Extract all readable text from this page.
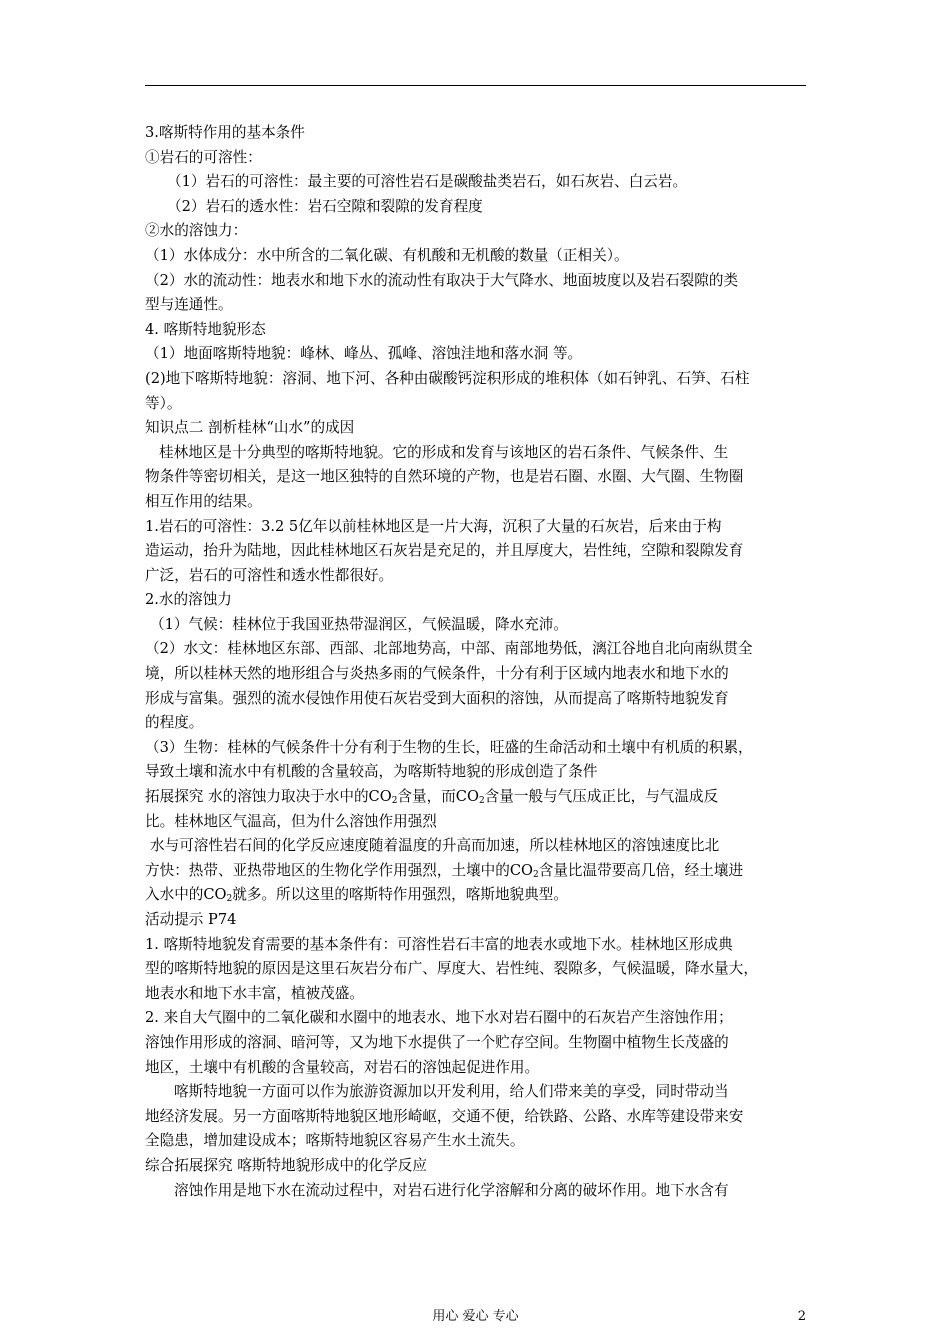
3.喀斯特作用的基本条件

①岩石的可溶性：

（1）岩石的可溶性：最主要的可溶性岩石是碳酸盐类岩石，如石灰岩、白云岩。

（2）岩石的透水性：岩石空隙和裂隙的发育程度

②水的溶蚀力：

（1）水体成分：水中所含的二氧化碳、有机酸和无机酸的数量（正相关）。

（2）水的流动性：地表水和地下水的流动性有取决于大气降水、地面坡度以及岩石裂隙的类

型与连通性。

4. 喀斯特地貌形态

（1）地面喀斯特地貌：峰林、峰丛、孤峰、溶蚀洼地和落水洞 等。

(2)地下喀斯特地貌：溶洞、地下河、各种由碳酸钙淀积形成的堆积体（如石钟乳、石笋、石柱

等）。

知识点二 剖析桂林“山水”的成因

桂林地区是十分典型的喀斯特地貌。它的形成和发育与该地区的岩石条件、气候条件、生

物条件等密切相关，是这一地区独特的自然环境的产物，也是岩石圈、水圈、大气圈、生物圈

相互作用的结果。

1.岩石的可溶性：3.2 5亿年以前桂林地区是一片大海，沉积了大量的石灰岩，后来由于构

造运动，抬升为陆地，因此桂林地区石灰岩是充足的，并且厚度大，岩性纯，空隙和裂隙发育

广泛，岩石的可溶性和透水性都很好。

2.水的溶蚀力

（1）气候：桂林位于我国亚热带湿润区，气候温暖，降水充沛。

（2）水文：桂林地区东部、西部、北部地势高，中部、南部地势低，漓江谷地自北向南纵贯全

境，所以桂林天然的地形组合与炎热多雨的气候条件，十分有利于区域内地表水和地下水的

形成与富集。强烈的流水侵蚀作用使石灰岩受到大面积的溶蚀，从而提高了喀斯特地貌发育

的程度。

（3）生物：桂林的气候条件十分有利于生物的生长，旺盛的生命活动和土壤中有机质的积累，

导致土壤和流水中有机酸的含量较高，为喀斯特地貌的形成创造了条件

拓展探究 水的溶蚀力取决于水中的$CO_2$含量，而$CO_2$含量一般与气压成正比，与气温成反

比。桂林地区气温高，但为什么溶蚀作用强烈

水与可溶性岩石间的化学反应速度随着温度的升高而加速，所以桂林地区的溶蚀速度比北

方快：热带、亚热带地区的生物化学作用强烈，土壤中的$CO_2$含量比温带要高几倍，经土壤进

入水中的$CO_2$就多。所以这里的喀斯特作用强烈，喀斯地貌典型。

活动提示 P74

1. 喀斯特地貌发育需要的基本条件有：可溶性岩石丰富的地表水或地下水。桂林地区形成典

型的喀斯特地貌的原因是这里石灰岩分布广、厚度大、岩性纯、裂隙多，气候温暖，降水量大，

地表水和地下水丰富，植被茂盛。

2. 来自大气圈中的二氧化碳和水圈中的地表水、地下水对岩石圈中的石灰岩产生溶蚀作用；

溶蚀作用形成的溶洞、暗河等，又为地下水提供了一个贮存空间。生物圈中植物生长茂盛的

地区，土壤中有机酸的含量较高，对岩石的溶蚀起促进作用。

喀斯特地貌一方面可以作为旅游资源加以开发利用，给人们带来美的享受，同时带动当

地经济发展。另一方面喀斯特地貌区地形崎岖，交通不便，给铁路、公路、水库等建设带来安

全隐患，增加建设成本；喀斯特地貌区容易产生水土流失。

综合拓展探究 喀斯特地貌形成中的化学反应

溶蚀作用是地下水在流动过程中，对岩石进行化学溶解和分离的破坏作用。地下水含有

用心 爱心 专心	2
